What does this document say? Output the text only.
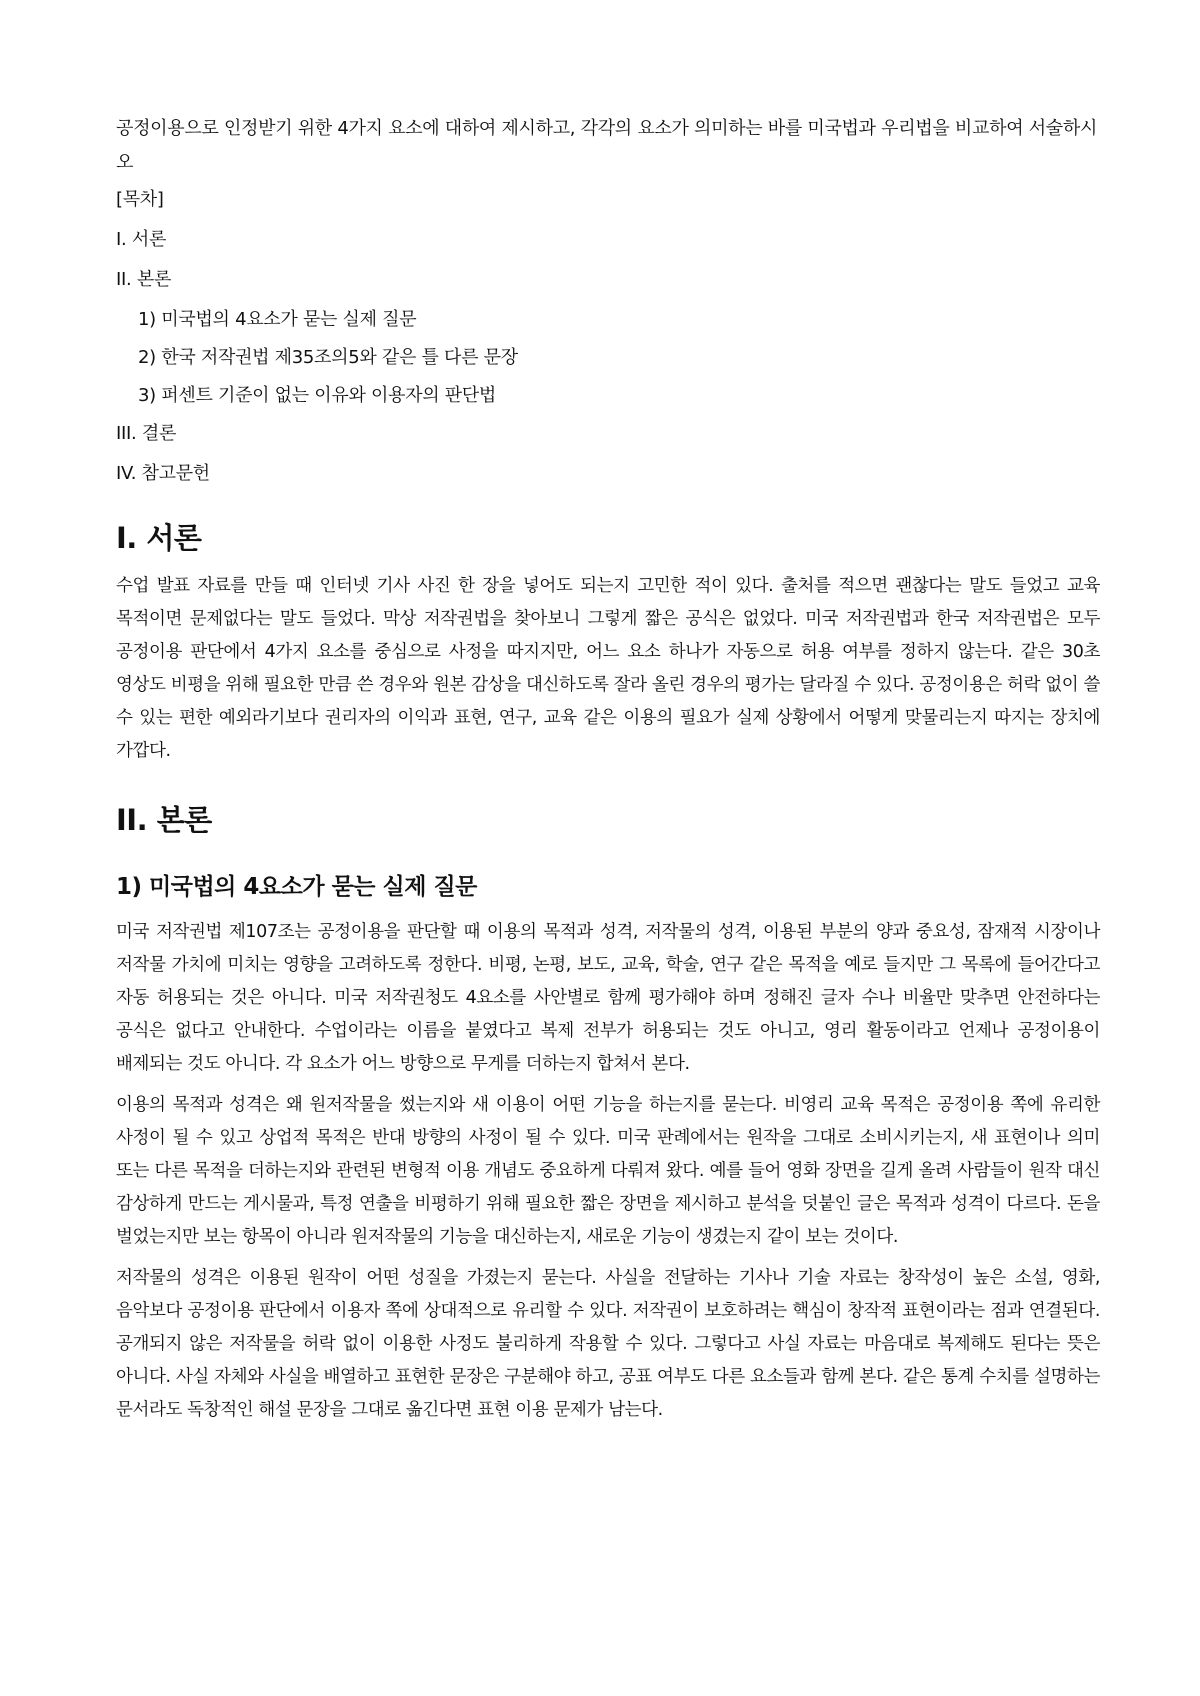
공정이용으로 인정받기 위한 4가지 요소에 대하여 제시하고, 각각의 요소가 의미하는 바를 미국법과 우리법을 비교하여 서술하시오

[목차]
I. 서론
II. 본론
1) 미국법의 4요소가 묻는 실제 질문
2) 한국 저작권법 제35조의5와 같은 틀 다른 문장
3) 퍼센트 기준이 없는 이유와 이용자의 판단법
III. 결론
IV. 참고문헌
I. 서론

수업 발표 자료를 만들 때 인터넷 기사 사진 한 장을 넣어도 되는지 고민한 적이 있다. 출처를 적으면 괜찮다는 말도 들었고 교육 목적이면 문제없다는 말도 들었다. 막상 저작권법을 찾아보니 그렇게 짧은 공식은 없었다. 미국 저작권법과 한국 저작권법은 모두 공정이용 판단에서 4가지 요소를 중심으로 사정을 따지지만, 어느 요소 하나가 자동으로 허용 여부를 정하지 않는다. 같은 30초 영상도 비평을 위해 필요한 만큼 쓴 경우와 원본 감상을 대신하도록 잘라 올린 경우의 평가는 달라질 수 있다. 공정이용은 허락 없이 쓸 수 있는 편한 예외라기보다 권리자의 이익과 표현, 연구, 교육 같은 이용의 필요가 실제 상황에서 어떻게 맞물리는지 따지는 장치에 가깝다.

II. 본론
1) 미국법의 4요소가 묻는 실제 질문

미국 저작권법 제107조는 공정이용을 판단할 때 이용의 목적과 성격, 저작물의 성격, 이용된 부분의 양과 중요성, 잠재적 시장이나 저작물 가치에 미치는 영향을 고려하도록 정한다. 비평, 논평, 보도, 교육, 학술, 연구 같은 목적을 예로 들지만 그 목록에 들어간다고 자동 허용되는 것은 아니다. 미국 저작권청도 4요소를 사안별로 함께 평가해야 하며 정해진 글자 수나 비율만 맞추면 안전하다는 공식은 없다고 안내한다. 수업이라는 이름을 붙였다고 복제 전부가 허용되는 것도 아니고, 영리 활동이라고 언제나 공정이용이 배제되는 것도 아니다. 각 요소가 어느 방향으로 무게를 더하는지 합쳐서 본다.

이용의 목적과 성격은 왜 원저작물을 썼는지와 새 이용이 어떤 기능을 하는지를 묻는다. 비영리 교육 목적은 공정이용 쪽에 유리한 사정이 될 수 있고 상업적 목적은 반대 방향의 사정이 될 수 있다. 미국 판례에서는 원작을 그대로 소비시키는지, 새 표현이나 의미 또는 다른 목적을 더하는지와 관련된 변형적 이용 개념도 중요하게 다뤄져 왔다. 예를 들어 영화 장면을 길게 올려 사람들이 원작 대신 감상하게 만드는 게시물과, 특정 연출을 비평하기 위해 필요한 짧은 장면을 제시하고 분석을 덧붙인 글은 목적과 성격이 다르다. 돈을 벌었는지만 보는 항목이 아니라 원저작물의 기능을 대신하는지, 새로운 기능이 생겼는지 같이 보는 것이다.

저작물의 성격은 이용된 원작이 어떤 성질을 가졌는지 묻는다. 사실을 전달하는 기사나 기술 자료는 창작성이 높은 소설, 영화, 음악보다 공정이용 판단에서 이용자 쪽에 상대적으로 유리할 수 있다. 저작권이 보호하려는 핵심이 창작적 표현이라는 점과 연결된다. 공개되지 않은 저작물을 허락 없이 이용한 사정도 불리하게 작용할 수 있다. 그렇다고 사실 자료는 마음대로 복제해도 된다는 뜻은 아니다. 사실 자체와 사실을 배열하고 표현한 문장은 구분해야 하고, 공표 여부도 다른 요소들과 함께 본다. 같은 통계 수치를 설명하는 문서라도 독창적인 해설 문장을 그대로 옮긴다면 표현 이용 문제가 남는다.
